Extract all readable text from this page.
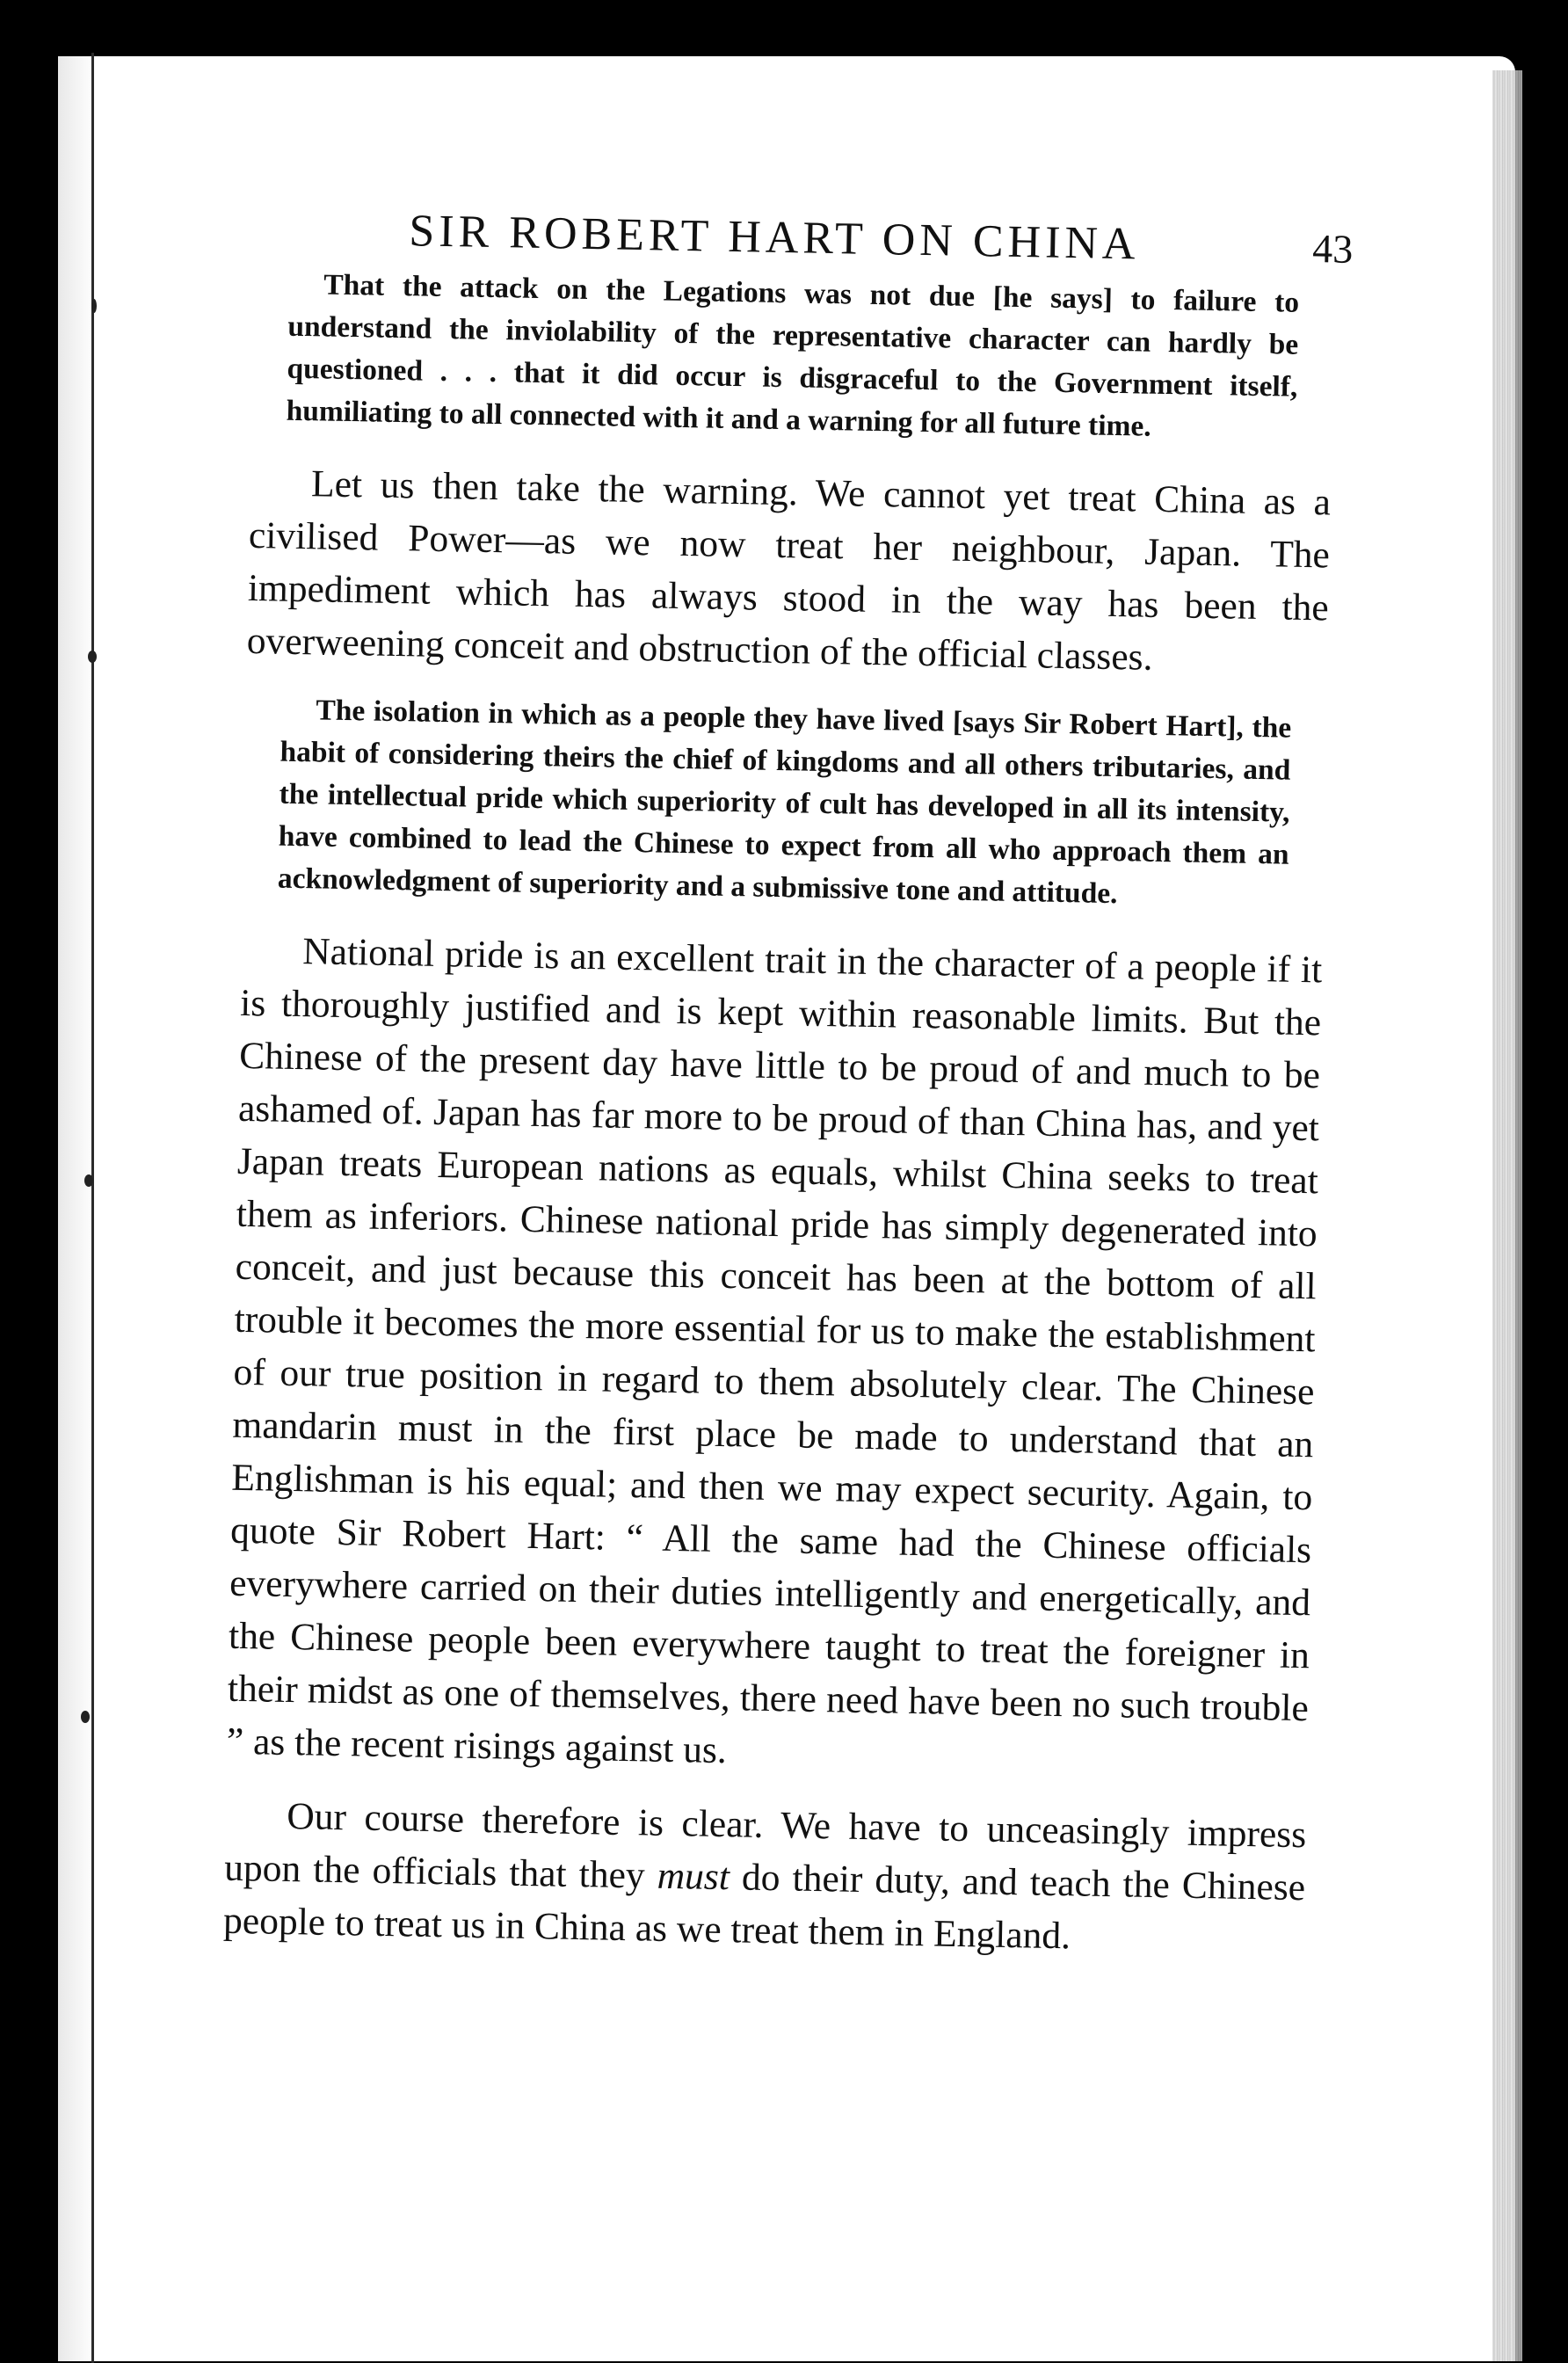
SIR ROBERT HART ON CHINA	43

That the attack on the Legations was not due [he says] to failure to understand the inviolability of the representative character can hardly be questioned . . . that it did occur is disgraceful to the Government itself, humiliating to all connected with it and a warning for all future time.

Let us then take the warning. We cannot yet treat China as a civilised Power—as we now treat her neighbour, Japan. The impediment which has always stood in the way has been the overweening conceit and obstruction of the official classes.

The isolation in which as a people they have lived [says Sir Robert Hart], the habit of considering theirs the chief of kingdoms and all others tributaries, and the intellectual pride which superiority of cult has developed in all its intensity, have combined to lead the Chinese to expect from all who approach them an acknowledgment of superiority and a submissive tone and attitude.

National pride is an excellent trait in the character of a people if it is thoroughly justified and is kept within reasonable limits. But the Chinese of the present day have little to be proud of and much to be ashamed of. Japan has far more to be proud of than China has, and yet Japan treats European nations as equals, whilst China seeks to treat them as inferiors. Chinese national pride has simply degenerated into conceit, and just because this conceit has been at the bottom of all trouble it becomes the more essential for us to make the establishment of our true position in regard to them absolutely clear. The Chinese mandarin must in the first place be made to understand that an Englishman is his equal; and then we may expect security. Again, to quote Sir Robert Hart: “ All the same had the Chinese officials everywhere carried on their duties intelligently and energetically, and the Chinese people been everywhere taught to treat the foreigner in their midst as one of themselves, there need have been no such trouble ” as the recent risings against us.

Our course therefore is clear. We have to unceasingly impress upon the officials that they must do their duty, and teach the Chinese people to treat us in China as we treat them in England.
